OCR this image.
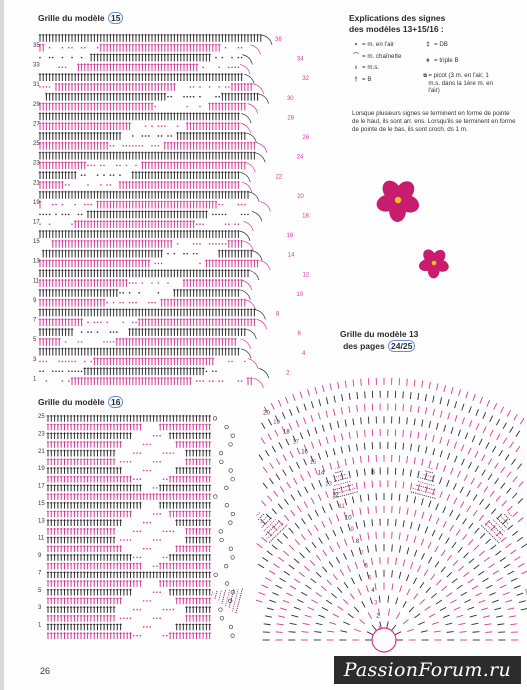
Grille du modèle 15
Grille du modèle 16
Grille du modèle 13
des pages 24/25
Explications des signes
des modèles 13+15/16 :
• = m. en l'air
⌒ = m. chaînette
ı = m.s.
† = B
‡ = DB
⧧ = triple B
ᴓ = picot (3 m. en l'air, 1 m.s. dans la 1ère m. en l'air)
Lorsque plusieurs signes se terminent en forme de pointe de le haut, ils sont arr. ens. Lorsqu'ils se terminent en forme de pointe de le bas, ils sont croch. ds 1 m.
36
34
32
30
28
26
24
22
20
18
16
14
12
10
8
6
4
2
35
33
31
29
27
25
23
21
19
17
15
13
11
9
7
5
3
1
25
23
21
19
17
15
13
11
9
7
5
3
1
20
19
18
17
16
15
14
13
12
11
10
9
8
7
6
5
4
3
2
1
B
26	PassionForum.ru
